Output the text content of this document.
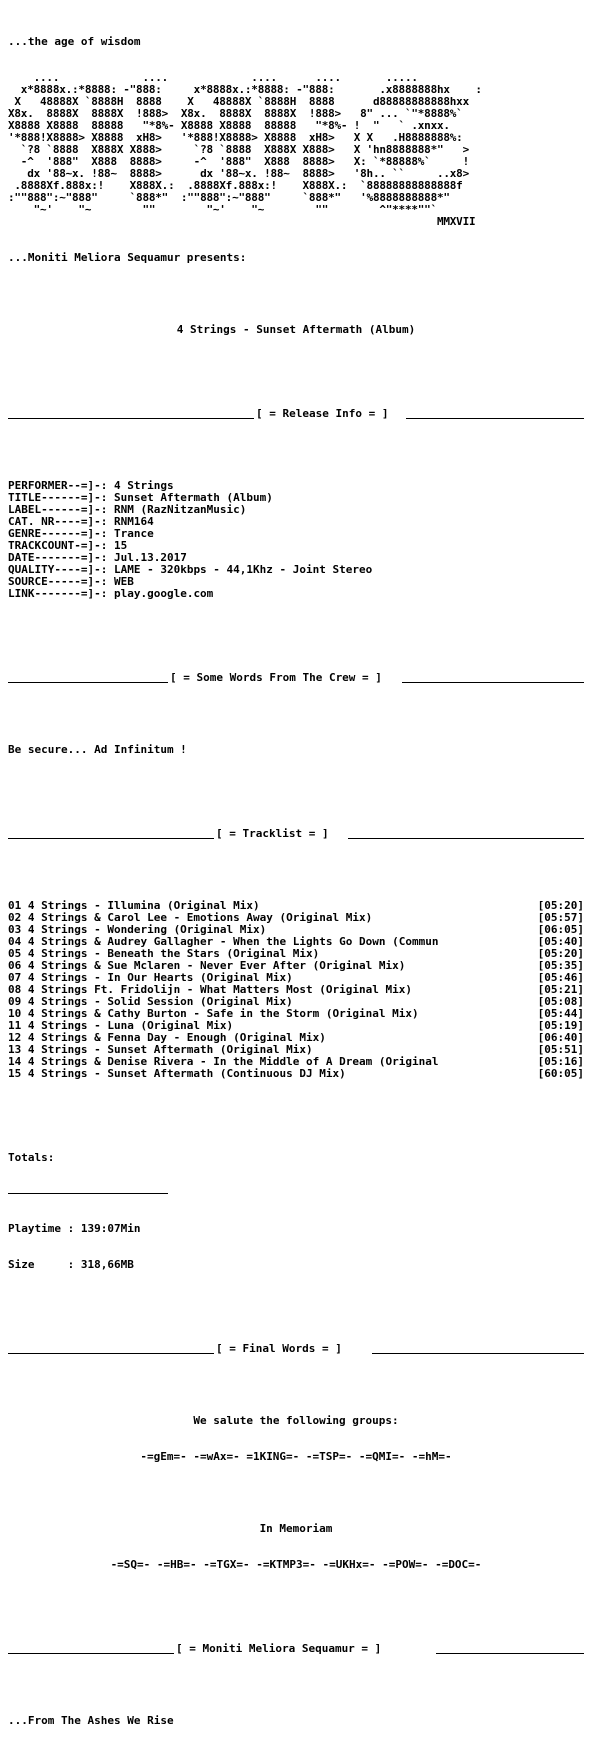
...the age of wisdom

....             ....             ....      ....       .....
x*8888x.:*8888: -"888:     x*8888x.:*8888: -"888:       .x8888888hx    :
X   48888X `8888H  8888    X   48888X `8888H  8888      d88888888888hxx
X8x.  8888X  8888X  !888>  X8x.  8888X  8888X  !888>   8" ... `"*8888%`
X8888 X8888  88888   "*8%- X8888 X8888  88888   "*8%- !  "   ` .xnxx.
'*888!X8888> X8888  xH8>   '*888!X8888> X8888  xH8>   X X   .H8888888%:
`?8 `8888  X888X X888>     `?8 `8888  X888X X888>   X 'hn8888888*"   >
-^  '888"  X888  8888>     -^  '888"  X888  8888>   X: `*88888%`     !
dx '88~x. !88~  8888>      dx '88~x. !88~  8888>   '8h.. ``     ..x8>
.8888Xf.888x:!    X888X.:  .8888Xf.888x:!    X888X.:  `88888888888888f
:""888":~"888"     `888*"  :""888":~"888"     `888*"   '%8888888888*"
"~'    "~        ""        "~'    "~        ""        ^"****""`
MMXVII

...Moniti Meliora Sequamur presents:

4 Strings - Sunset Aftermath (Album)

[ = Release Info = ]

PERFORMER--=]-: 4 Strings
TITLE------=]-: Sunset Aftermath (Album)
LABEL------=]-: RNM (RazNitzanMusic)
CAT. NR----=]-: RNM164
GENRE------=]-: Trance
TRACKCOUNT-=]-: 15
DATE-------=]-: Jul.13.2017
QUALITY----=]-: LAME - 320kbps - 44,1Khz - Joint Stereo
SOURCE-----=]-: WEB
LINK-------=]-: play.google.com

[ = Some Words From The Crew = ]

Be secure... Ad Infinitum !

[ = Tracklist = ]

01 4 Strings - Illumina (Original Mix)	[05:20]
02 4 Strings & Carol Lee - Emotions Away (Original Mix)	[05:57]
03 4 Strings - Wondering (Original Mix)	[06:05]
04 4 Strings & Audrey Gallagher - When the Lights Go Down (Commun	[05:40]
05 4 Strings - Beneath the Stars (Original Mix)	[05:20]
06 4 Strings & Sue Mclaren - Never Ever After (Original Mix)	[05:35]
07 4 Strings - In Our Hearts (Original Mix)	[05:46]
08 4 Strings Ft. Fridolijn - What Matters Most (Original Mix)	[05:21]
09 4 Strings - Solid Session (Original Mix)	[05:08]
10 4 Strings & Cathy Burton - Safe in the Storm (Original Mix)	[05:44]
11 4 Strings - Luna (Original Mix)	[05:19]
12 4 Strings & Fenna Day - Enough (Original Mix)	[06:40]
13 4 Strings - Sunset Aftermath (Original Mix)	[05:51]
14 4 Strings & Denise Rivera - In the Middle of A Dream (Original	[05:16]
15 4 Strings - Sunset Aftermath (Continuous DJ Mix)	[60:05]

Totals:

Playtime : 139:07Min

Size     : 318,66MB

[ = Final Words = ]

We salute the following groups:

-=gEm=- -=wAx=- =1KING=- -=TSP=- -=QMI=- -=hM=-

In Memoriam

-=SQ=- -=HB=- -=TGX=- -=KTMP3=- -=UKHx=- -=POW=- -=DOC=-

[ = Moniti Meliora Sequamur = ]

...From The Ashes We Rise
